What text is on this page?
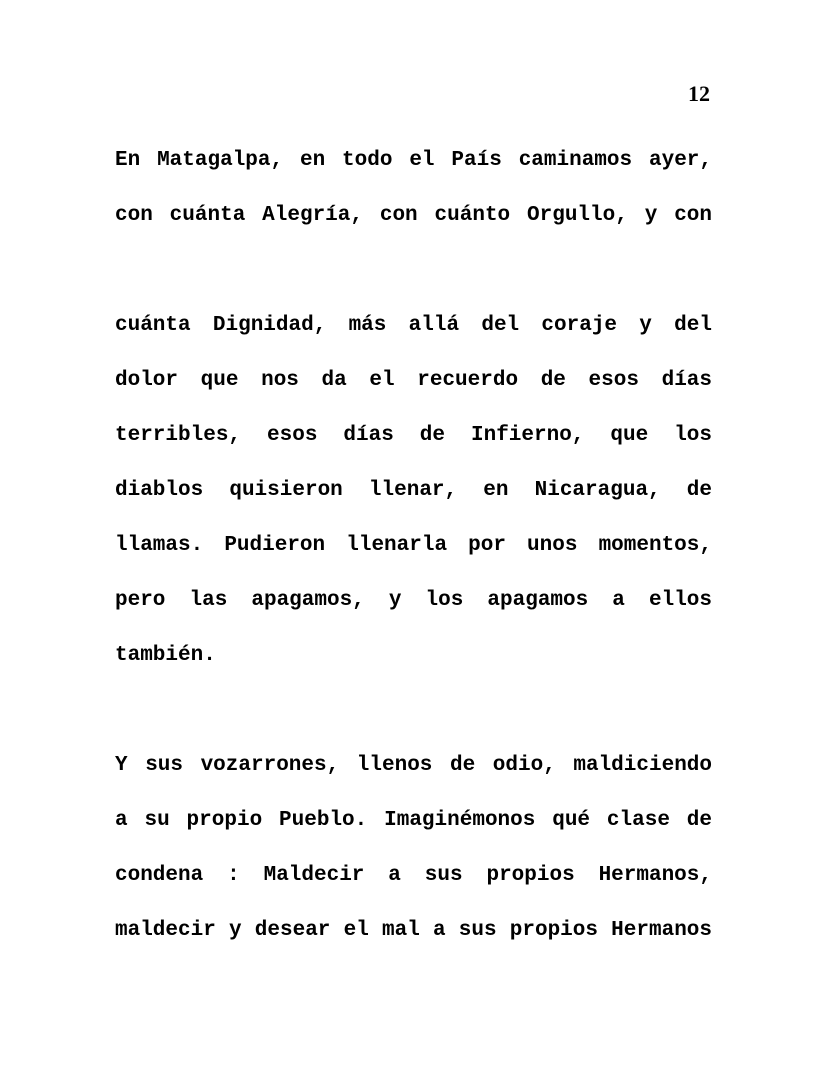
12
En Matagalpa, en todo el País caminamos ayer,
con cuánta Alegría, con cuánto Orgullo, y con
cuánta Dignidad, más allá del coraje y del
dolor que nos da el recuerdo de esos días
terribles, esos días de Infierno, que los
diablos quisieron llenar, en Nicaragua, de
llamas. Pudieron llenarla por unos momentos,
pero las apagamos, y los apagamos a ellos
también.
Y sus vozarrones, llenos de odio, maldiciendo
a su propio Pueblo. Imaginémonos qué clase de
condena : Maldecir a sus propios Hermanos,
maldecir y desear el mal a sus propios Hermanos
